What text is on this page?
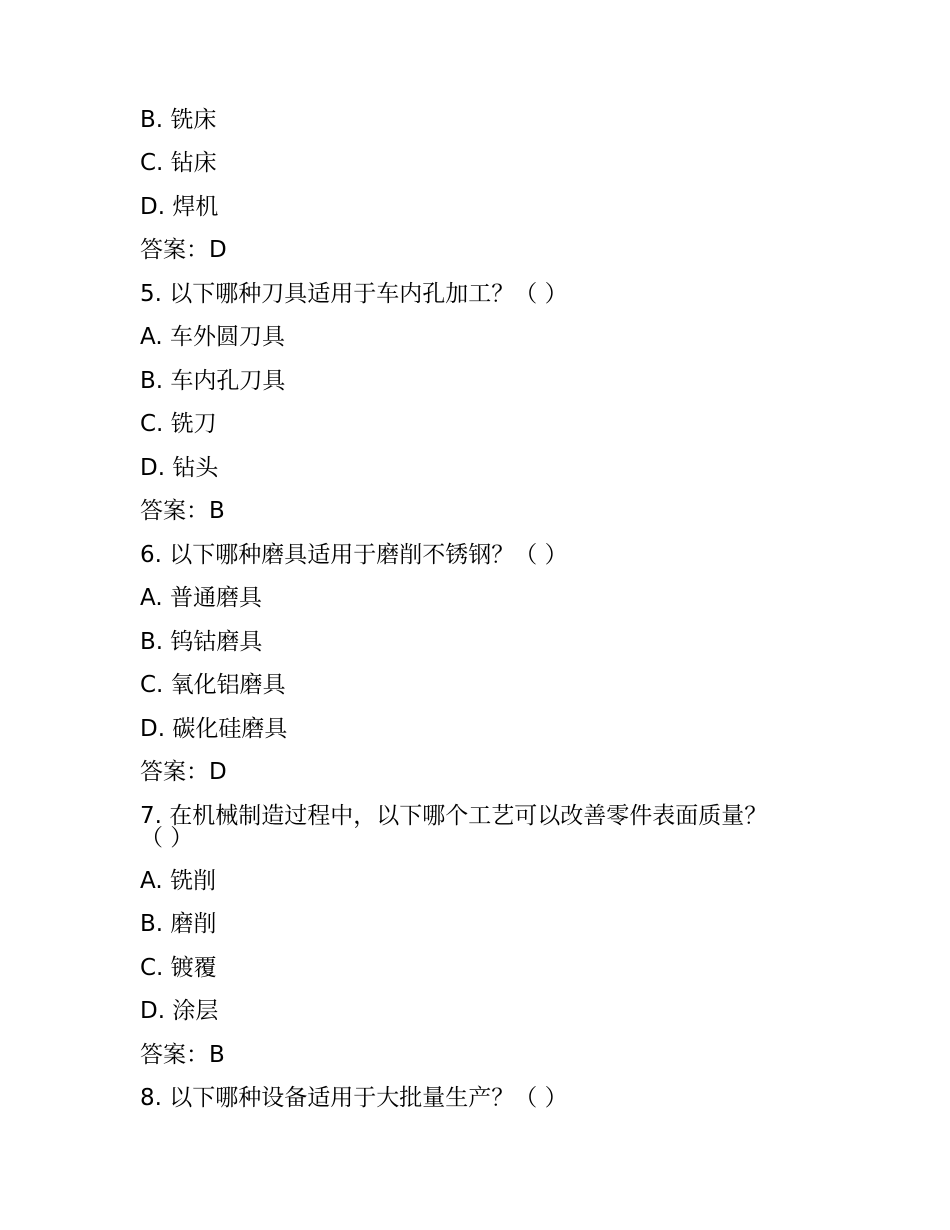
B. 铣床
C. 钻床
D. 焊机
答案：D
5. 以下哪种刀具适用于车内孔加工？（ ）
A. 车外圆刀具
B. 车内孔刀具
C. 铣刀
D. 钻头
答案：B
6. 以下哪种磨具适用于磨削不锈钢？（ ）
A. 普通磨具
B. 钨钴磨具
C. 氧化铝磨具
D. 碳化硅磨具
答案：D
7. 在机械制造过程中，以下哪个工艺可以改善零件表面质量？（ ）
A. 铣削
B. 磨削
C. 镀覆
D. 涂层
答案：B
8. 以下哪种设备适用于大批量生产？（ ）
